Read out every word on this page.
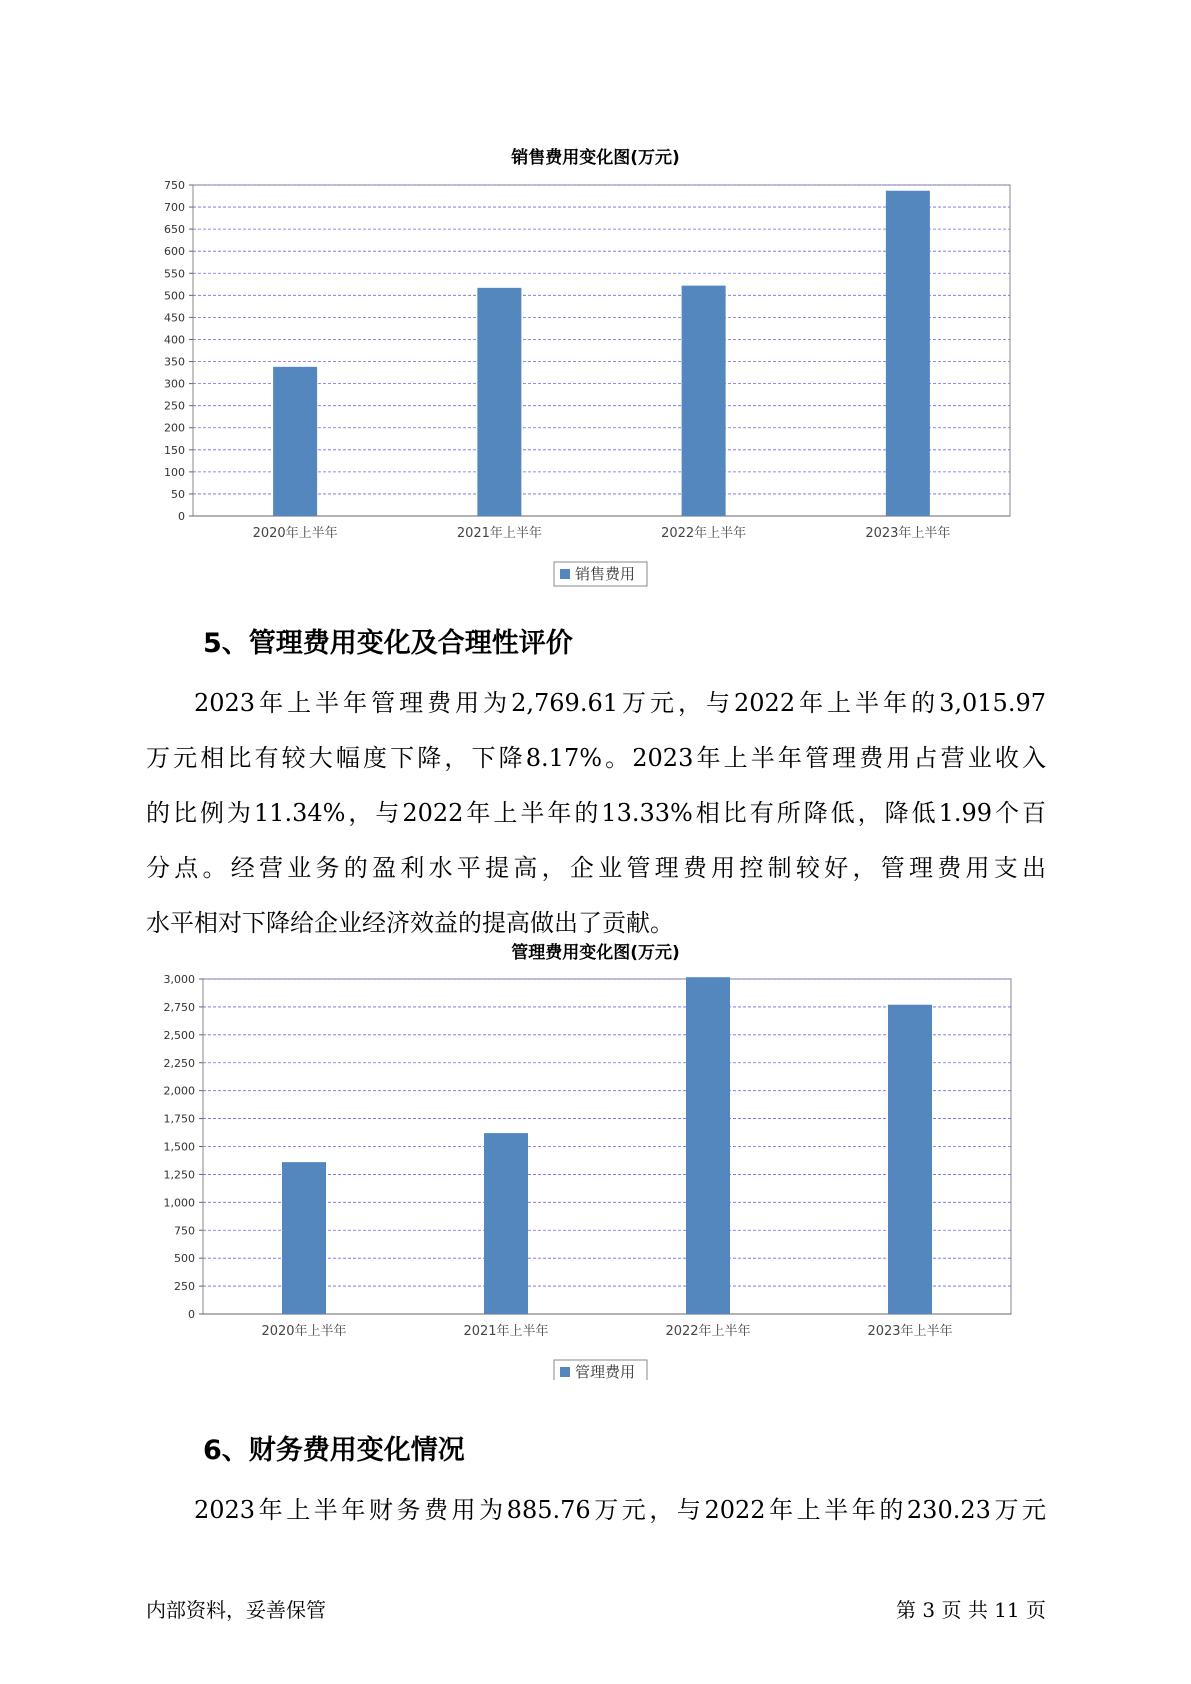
销售费用变化图(万元)
0
50
100
150
200
250
300
350
400
450
500
550
600
650
700
750
2020年上半年	2021年上半年	2022年上半年	2023年上半年
销售费用
5、管理费用变化及合理性评价
2023年上半年管理费用为2,769.61万元，与2022年上半年的3,015.97
万元相比有较大幅度下降，下降8.17%。2023年上半年管理费用占营业收入
的比例为11.34%，与2022年上半年的13.33%相比有所降低，降低1.99个百
分点。经营业务的盈利水平提高，企业管理费用控制较好，管理费用支出
水平相对下降给企业经济效益的提高做出了贡献。
管理费用变化图(万元)
0
250
500
750
1,000
1,250
1,500
1,750
2,000
2,250
2,500
2,750
3,000
2020年上半年	2021年上半年	2022年上半年	2023年上半年
管理费用
6、财务费用变化情况
2023年上半年财务费用为885.76万元，与2022年上半年的230.23万元
内部资料，妥善保管	第 3 页 共 11 页
